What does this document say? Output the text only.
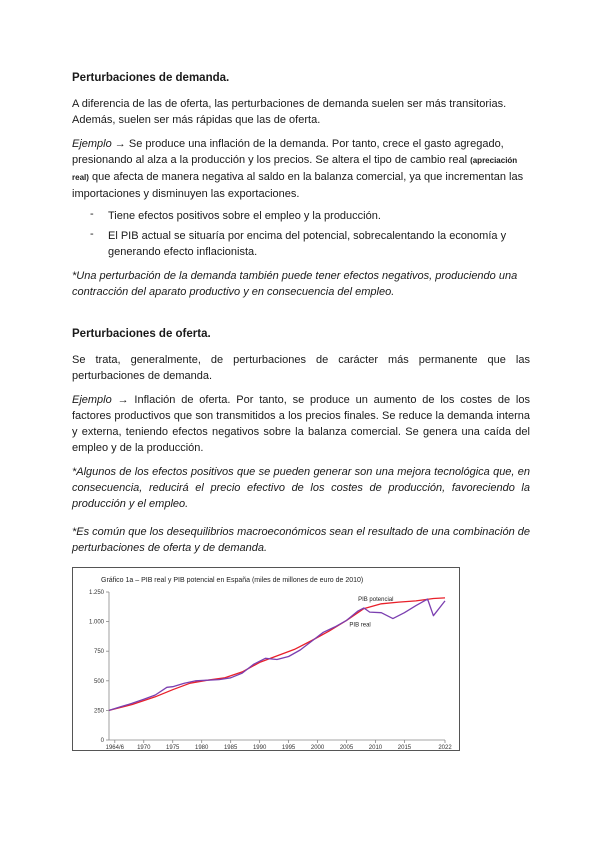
Perturbaciones de demanda.

A diferencia de las de oferta, las perturbaciones de demanda suelen ser más transitorias. Además, suelen ser más rápidas que las de oferta.

Ejemplo → Se produce una inflación de la demanda. Por tanto, crece el gasto agregado, presionando al alza a la producción y los precios. Se altera el tipo de cambio real (apreciación real) que afecta de manera negativa al saldo en la balanza comercial, ya que incrementan las importaciones y disminuyen las exportaciones.

- Tiene efectos positivos sobre el empleo y la producción.

- El PIB actual se situaría por encima del potencial, sobrecalentando la economía y generando efecto inflacionista.

*Una perturbación de la demanda también puede tener efectos negativos, produciendo una contracción del aparato productivo y en consecuencia del empleo.

Perturbaciones de oferta.

Se trata, generalmente, de perturbaciones de carácter más permanente que las perturbaciones de demanda.

Ejemplo → Inflación de oferta. Por tanto, se produce un aumento de los costes de los factores productivos que son transmitidos a los precios finales. Se reduce la demanda interna y externa, teniendo efectos negativos sobre la balanza comercial. Se genera una caída del empleo y de la producción.

*Algunos de los efectos positivos que se pueden generar son una mejora tecnológica que, en consecuencia, reducirá el precio efectivo de los costes de producción, favoreciendo la producción y el empleo.

*Es común que los desequilibrios macroeconómicos sean el resultado de una combinación de perturbaciones de oferta y de demanda.

Gráfico 1a – PIB real y PIB potencial en España (miles de millones de euro de 2010)
0
250
500
750
1.000
1.250
1964/6 1970	1975	1980	1985	1990	1995	2000	2005	2010	2015	2022
PIB potencial
PIB real
